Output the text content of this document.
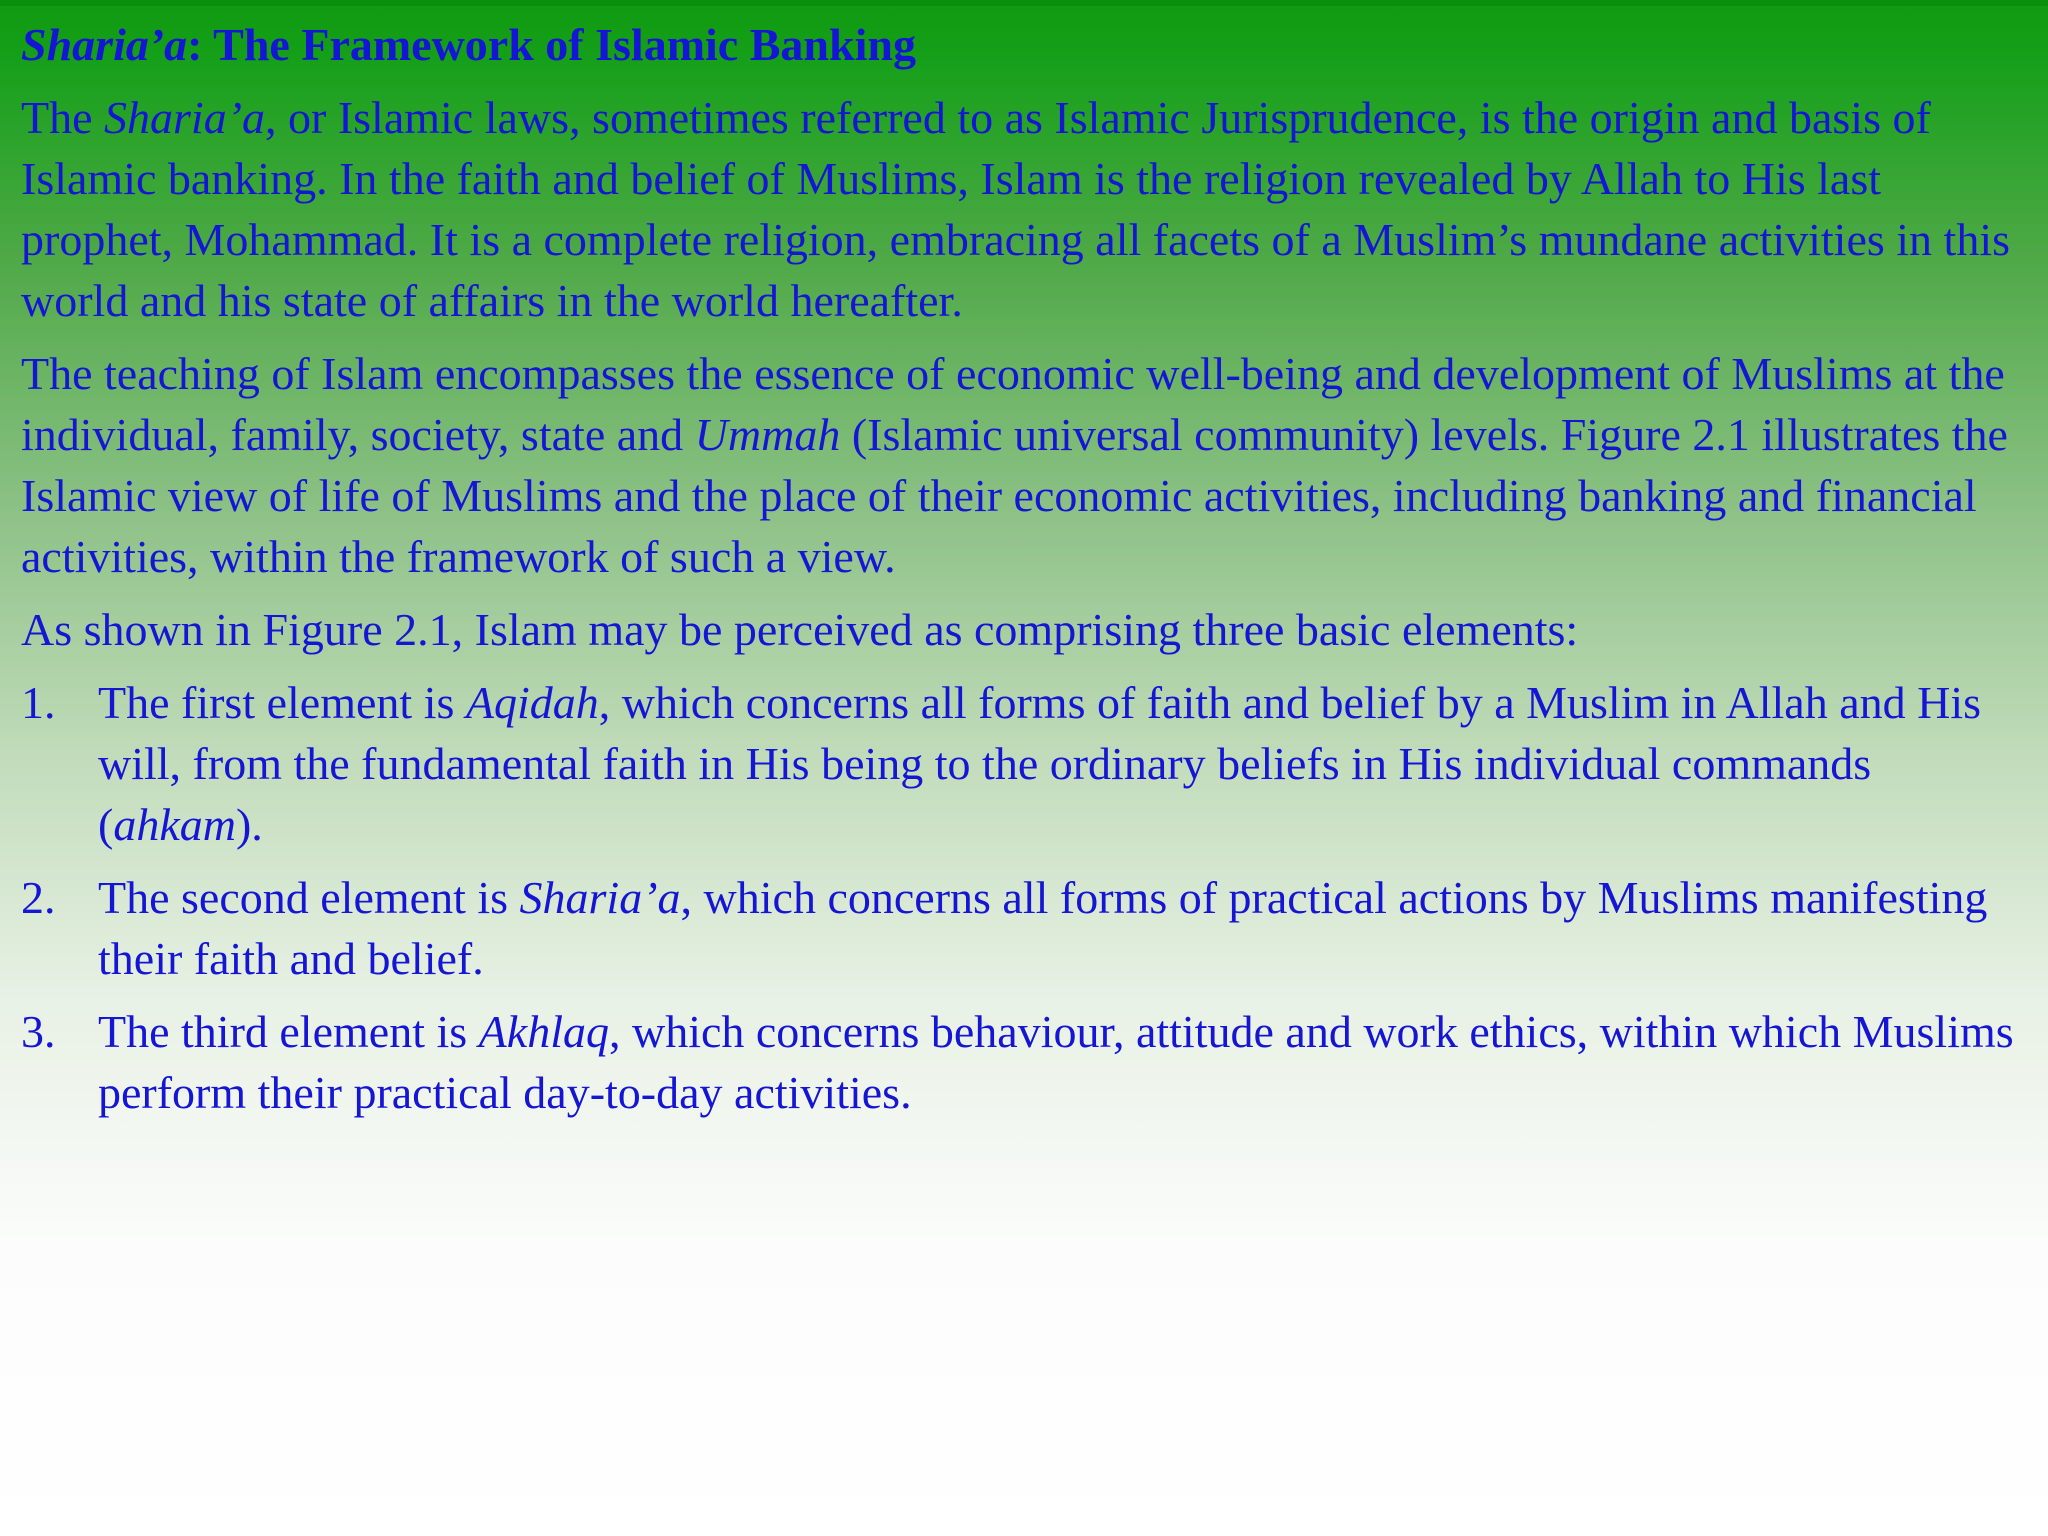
Sharia’a: The Framework of Islamic Banking

The Sharia’a, or Islamic laws, sometimes referred to as Islamic Jurisprudence, is the origin and basis of Islamic banking. In the faith and belief of Muslims, Islam is the religion revealed by Allah to His last prophet, Mohammad. It is a complete religion, embracing all facets of a Muslim’s mundane activities in this world and his state of affairs in the world hereafter.

The teaching of Islam encompasses the essence of economic well-being and development of Muslims at the individual, family, society, state and Ummah (Islamic universal community) levels. Figure 2.1 illustrates the Islamic view of life of Muslims and the place of their economic activities, including banking and financial activities, within the framework of such a view.

As shown in Figure 2.1, Islam may be perceived as comprising three basic elements:

1. The first element is Aqidah, which concerns all forms of faith and belief by a Muslim in Allah and His will, from the fundamental faith in His being to the ordinary beliefs in His individual commands (ahkam).
2. The second element is Sharia’a, which concerns all forms of practical actions by Muslims manifesting their faith and belief.
3. The third element is Akhlaq, which concerns behaviour, attitude and work ethics, within which Muslims perform their practical day-to-day activities.
